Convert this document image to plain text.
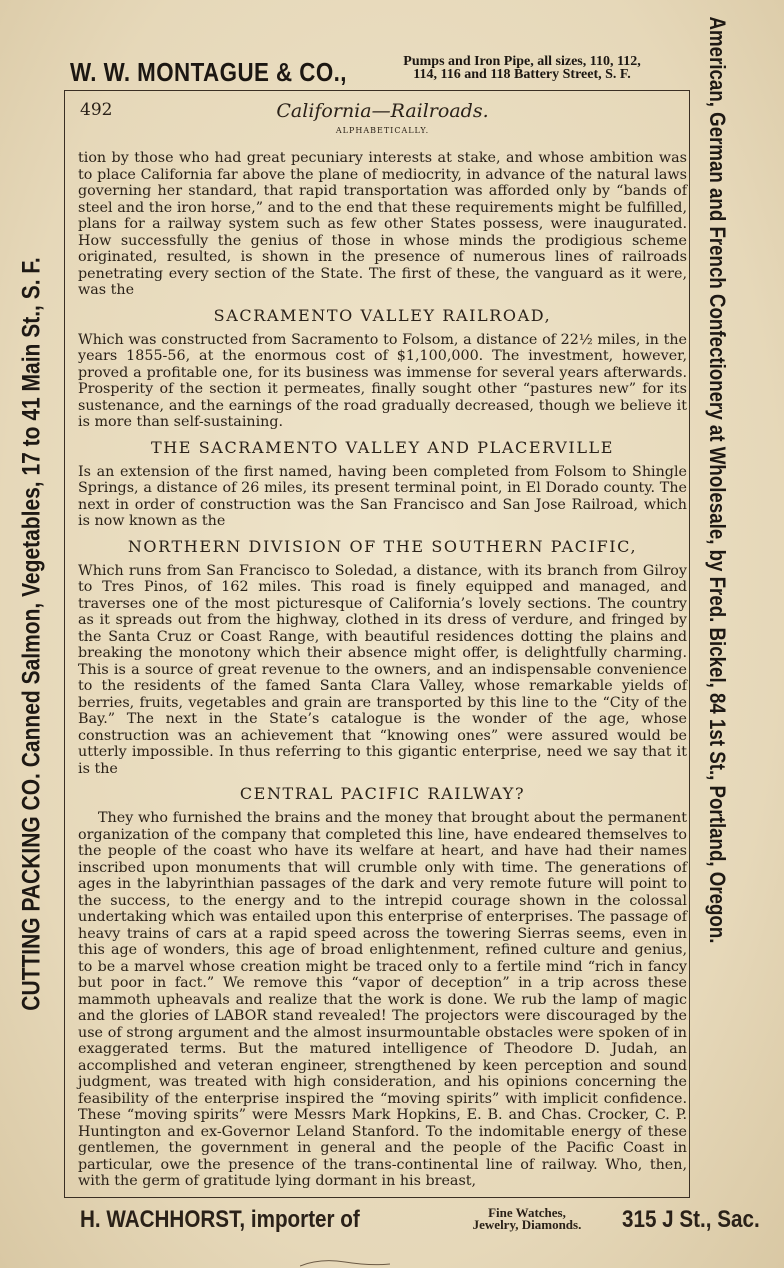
W. W. MONTAGUE & CO.,	Pumps and Iron Pipe, all sizes, 110, 112,
114, 116 and 118 Battery Street, S. F.
CUTTING PACKING CO. Canned Salmon, Vegetables, 17 to 41 Main St., S. F.	American, German and French Confectionery at Wholesale, by Fred. Bickel, 84 1st St., Portland, Oregon.
California—Railroads.
492
ALPHABETICALLY.

tion by those who had great pecuniary interests at stake, and whose ambition was to place California far above the plane of mediocrity, in advance of the natural laws governing her standard, that rapid transportation was afforded only by “bands of steel and the iron horse,” and to the end that these requirements might be fulfilled, plans for a railway system such as few other States possess, were inaugurated. How successfully the genius of those in whose minds the prodigious scheme originated, resulted, is shown in the presence of numerous lines of railroads penetrating every section of the State. The first of these, the vanguard as it were, was the

SACRAMENTO VALLEY RAILROAD,

Which was constructed from Sacramento to Folsom, a distance of 22½ miles, in the years 1855-56, at the enormous cost of $1,100,000. The investment, however, proved a profitable one, for its business was immense for several years afterwards. Prosperity of the section it permeates, finally sought other “pastures new” for its sustenance, and the earnings of the road gradually decreased, though we believe it is more than self-sustaining.

THE SACRAMENTO VALLEY AND PLACERVILLE

Is an extension of the first named, having been completed from Folsom to Shingle Springs, a distance of 26 miles, its present terminal point, in El Dorado county. The next in order of construction was the San Francisco and San Jose Railroad, which is now known as the

NORTHERN DIVISION OF THE SOUTHERN PACIFIC,

Which runs from San Francisco to Soledad, a distance, with its branch from Gilroy to Tres Pinos, of 162 miles. This road is finely equipped and managed, and traverses one of the most picturesque of California’s lovely sections. The country as it spreads out from the highway, clothed in its dress of verdure, and fringed by the Santa Cruz or Coast Range, with beautiful residences dotting the plains and breaking the monotony which their absence might offer, is delightfully charming. This is a source of great revenue to the owners, and an indispensable convenience to the residents of the famed Santa Clara Valley, whose remarkable yields of berries, fruits, vegetables and grain are transported by this line to the “City of the Bay.” The next in the State’s catalogue is the wonder of the age, whose construction was an achievement that “knowing ones” were assured would be utterly impossible. In thus referring to this gigantic enterprise, need we say that it is the

CENTRAL PACIFIC RAILWAY?

They who furnished the brains and the money that brought about the permanent organization of the company that completed this line, have endeared themselves to the people of the coast who have its welfare at heart, and have had their names inscribed upon monuments that will crumble only with time. The generations of ages in the labyrinthian passages of the dark and very remote future will point to the success, to the energy and to the intrepid courage shown in the colossal undertaking which was entailed upon this enterprise of enterprises. The passage of heavy trains of cars at a rapid speed across the towering Sierras seems, even in this age of wonders, this age of broad enlightenment, refined culture and genius, to be a marvel whose creation might be traced only to a fertile mind “rich in fancy but poor in fact.” We remove this “vapor of deception” in a trip across these mammoth upheavals and realize that the work is done. We rub the lamp of magic and the glories of LABOR stand revealed! The projectors were discouraged by the use of strong argument and the almost insurmountable obstacles were spoken of in exaggerated terms. But the matured intelligence of Theodore D. Judah, an accomplished and veteran engineer, strengthened by keen perception and sound judgment, was treated with high consideration, and his opinions concerning the feasibility of the enterprise inspired the “moving spirits” with implicit confidence. These “moving spirits” were Messrs Mark Hopkins, E. B. and Chas. Crocker, C. P. Huntington and ex-Governor Leland Stanford. To the indomitable energy of these gentlemen, the government in general and the people of the Pacific Coast in particular, owe the presence of the trans-continental line of railway. Who, then, with the germ of gratitude lying dormant in his breast,

H. WACHHORST, importer of	Fine Watches,
Jewelry, Diamonds.	315 J St., Sac.
